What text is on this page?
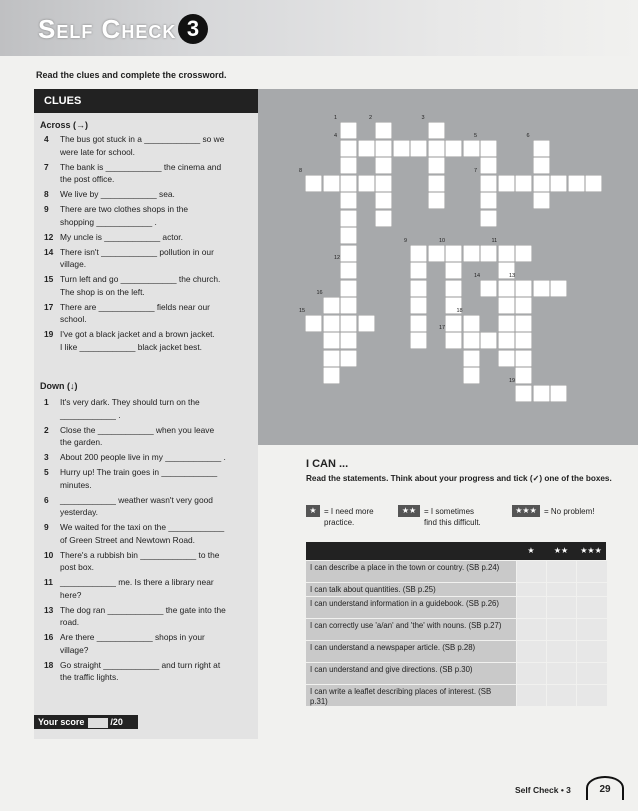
Self Check 3
Read the clues and complete the crossword.
CLUES
Across (→)
4 The bus got stuck in a ____________ so we
were late for school.
7 The bank is ____________ the cinema and
the post office.
8 We live by ____________ sea.
9 There are two clothes shops in the
shopping ____________ .
12 My uncle is ____________ actor.
14 There isn't ____________ pollution in our
village.
15 Turn left and go ____________ the church.
The shop is on the left.
17 There are ____________ fields near our
school.
19 I've got a black jacket and a brown jacket.
I like ____________ black jacket best.
Down (↓)
1 It's very dark. They should turn on the
____________ .
2 Close the ____________ when you leave
the garden.
3 About 200 people live in my ____________ .
5 Hurry up! The train goes in ____________
minutes.
6 ____________ weather wasn't very good
yesterday.
9 We waited for the taxi on the ____________
of Green Street and Newtown Road.
10 There's a rubbish bin ____________ to the
post box.
11 ____________ me. Is there a library near
here?
13 The dog ran ____________ the gate into the
road.
16 Are there ____________ shops in your
village?
18 Go straight ____________ and turn right at
the traffic lights.
Your score	/20
1	2	3
4	5	6
7
8
9	10	11
12
13
14
15
16
17
18
19
I CAN ...
Read the statements. Think about your progress and tick (✓) one of the boxes.
★ = I need more
practice.
★★ = I sometimes
find this difficult.
★★★ = No problem!
★	★★	★★★
I can describe a place in the town or country. (SB p.24)
I can talk about quantities. (SB p.25)
I can understand information in a guidebook. (SB p.26)
I can correctly use 'a/an' and 'the' with nouns. (SB p.27)
I can understand a newspaper article. (SB p.28)
I can understand and give directions. (SB p.30)
I can write a leaflet describing places of interest. (SB p.31)
Self Check • 3	29
